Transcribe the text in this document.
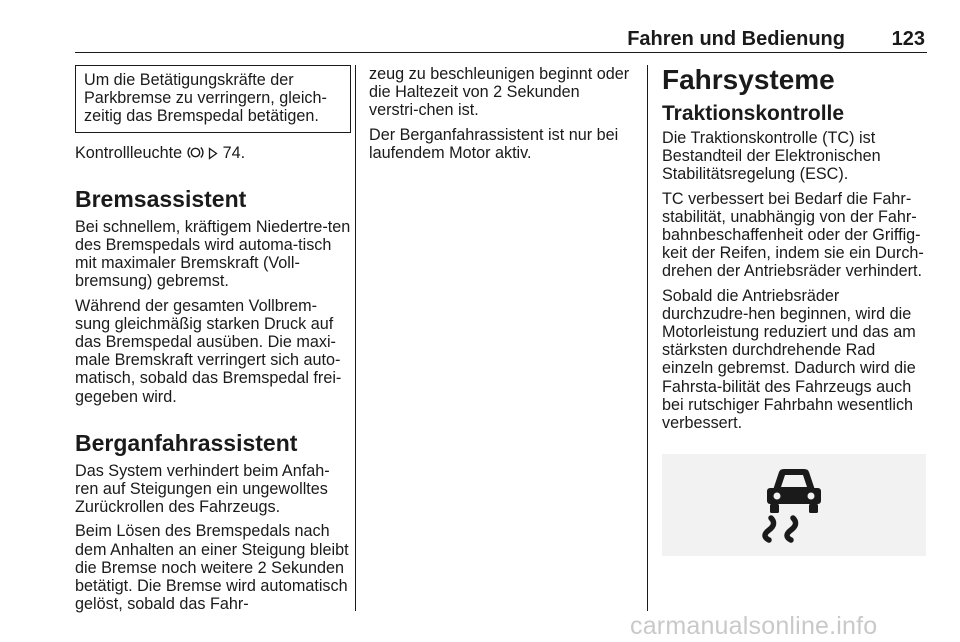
Fahren und Bedienung 123
Um die Betätigungskräfte der Parkbremse zu verringern, gleich-zeitig das Bremspedal betätigen.

Kontrollleuchte	74.

Bremsassistent

Bei schnellem, kräftigem Niedertre-ten des Bremspedals wird automa-tisch mit maximaler Bremskraft (Voll-bremsung) gebremst.

Während der gesamten Vollbrem-sung gleichmäßig starken Druck auf das Bremspedal ausüben. Die maxi-male Bremskraft verringert sich auto-matisch, sobald das Bremspedal frei-gegeben wird.

Berganfahrassistent

Das System verhindert beim Anfah-ren auf Steigungen ein ungewolltes Zurückrollen des Fahrzeugs.

Beim Lösen des Bremspedals nach dem Anhalten an einer Steigung bleibt die Bremse noch weitere 2 Sekunden betätigt. Die Bremse wird automatisch gelöst, sobald das Fahr-

zeug zu beschleunigen beginnt oder die Haltezeit von 2 Sekunden verstri-chen ist.

Der Berganfahrassistent ist nur bei laufendem Motor aktiv.

Fahrsysteme
Traktionskontrolle

Die Traktionskontrolle (TC) ist Bestandteil der Elektronischen Stabilitätsregelung (ESC).

TC verbessert bei Bedarf die Fahr-stabilität, unabhängig von der Fahr-bahnbeschaffenheit oder der Griffig-keit der Reifen, indem sie ein Durch-drehen der Antriebsräder verhindert.

Sobald die Antriebsräder durchzudre-hen beginnen, wird die Motorleistung reduziert und das am stärksten durchdrehende Rad einzeln gebremst. Dadurch wird die Fahrsta-bilität des Fahrzeugs auch bei rutschiger Fahrbahn wesentlich verbessert.

carmanualsonline.info
